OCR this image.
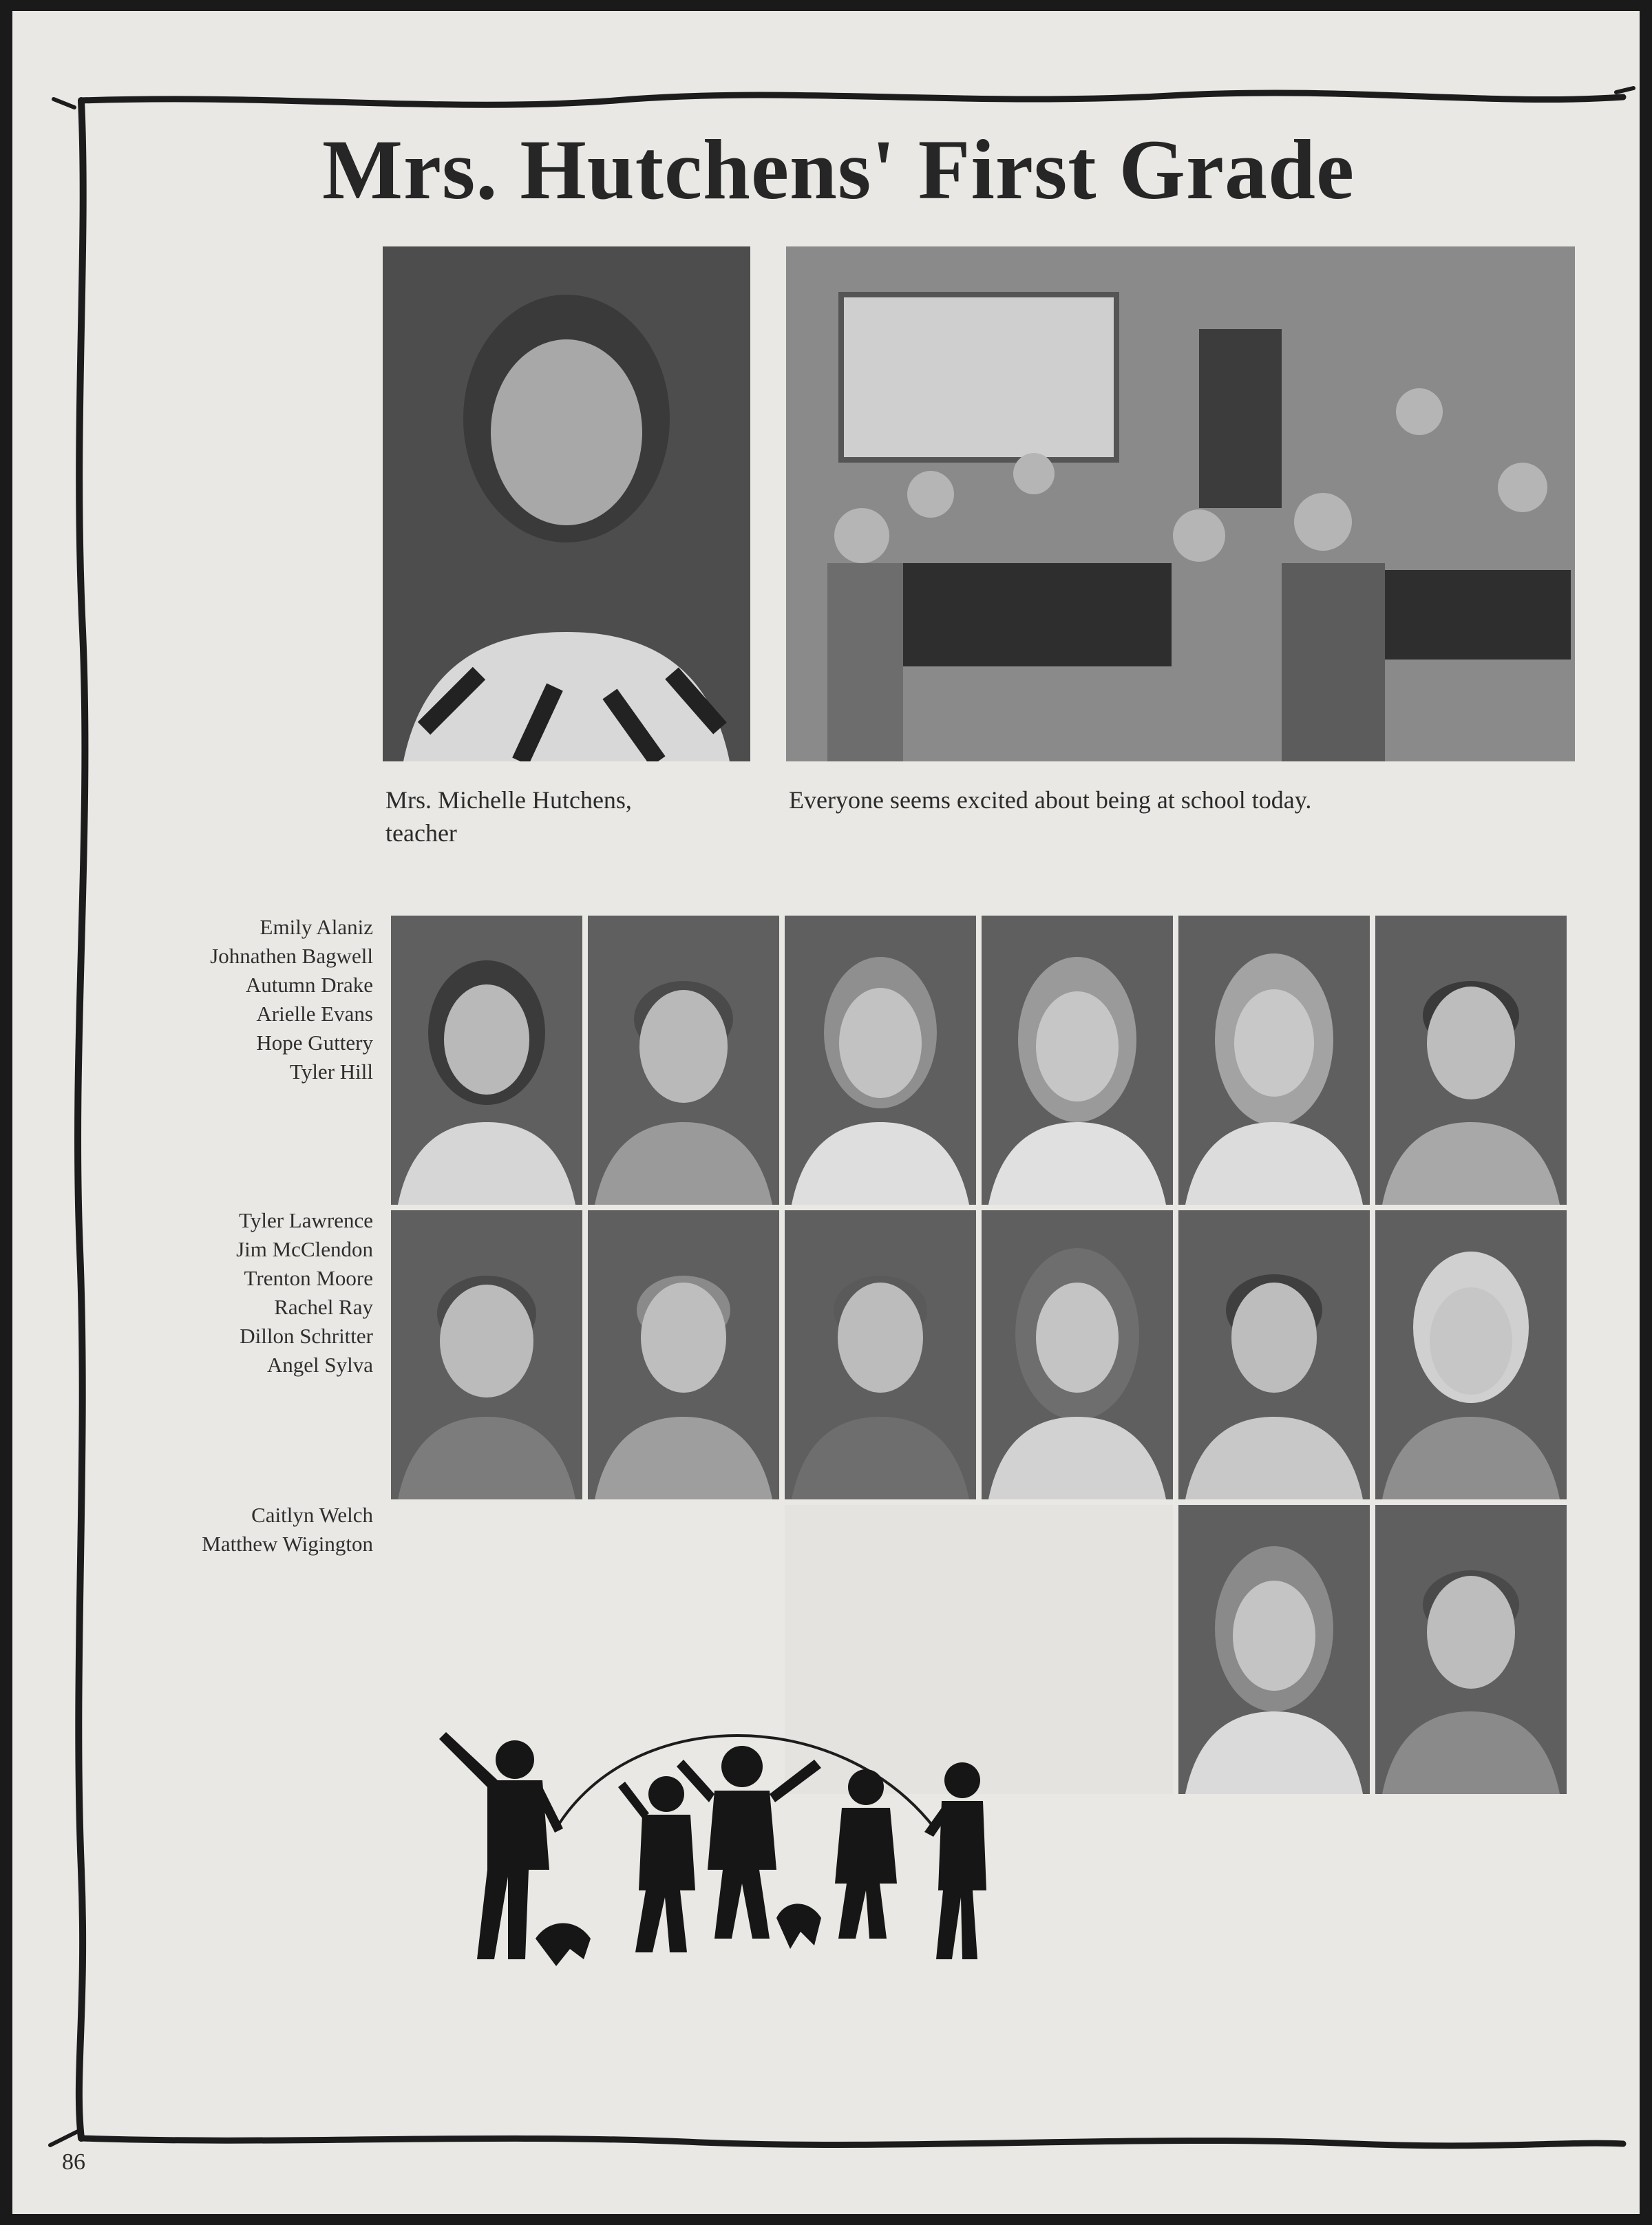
Mrs. Hutchens' First Grade
Mrs. Michelle Hutchens, teacher
Everyone seems excited about being at school today.
Emily Alaniz
Johnathen Bagwell
Autumn Drake
Arielle Evans
Hope Guttery
Tyler Hill
Tyler Lawrence
Jim McClendon
Trenton Moore
Rachel Ray
Dillon Schritter
Angel Sylva
Caitlyn Welch
Matthew Wigington
86
